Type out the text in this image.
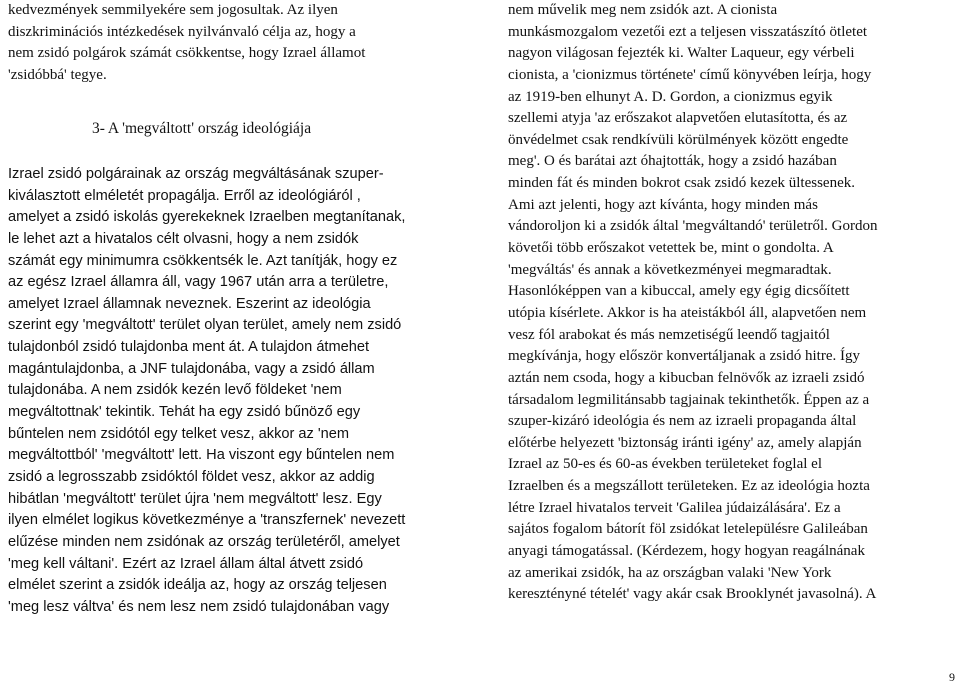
kedvezmények semmilyekére sem jogosultak. Az ilyen
diszkriminációs intézkedések nyilvánvaló célja az, hogy a
nem zsidó polgárok számát csökkentse, hogy Izrael államot
'zsidóbbá' tegye.
3- A 'megváltott' ország ideológiája
Izrael zsidó polgárainak az ország megváltásának szuper-
kiválasztott elméletét propagálja. Erről az ideológiáról ,
amelyet a zsidó iskolás gyerekeknek Izraelben megtanítanak,
le lehet azt a hivatalos célt olvasni, hogy a nem zsidók
számát egy minimumra csökkentsék le. Azt tanítják, hogy ez
az egész Izrael államra áll, vagy 1967 után arra a területre,
amelyet Izrael államnak neveznek. Eszerint az ideológia
szerint egy 'megváltott' terület olyan terület, amely nem zsidó
tulajdonból zsidó tulajdonba ment át. A tulajdon átmehet
magántulajdonba, a JNF tulajdonába, vagy a zsidó állam
tulajdonába. A nem zsidók kezén levő földeket 'nem
megváltottnak' tekintik. Tehát ha egy zsidó bűnöző egy
bűntelen nem zsidótól egy telket vesz, akkor az 'nem
megváltottból' 'megváltott' lett. Ha viszont egy bűntelen nem
zsidó a legrosszabb zsidóktól földet vesz, akkor az addig
hibátlan 'megváltott' terület újra 'nem megváltott' lesz. Egy
ilyen elmélet logikus következménye a 'transzfernek' nevezett
elűzése minden nem zsidónak az ország területéről, amelyet
'meg kell váltani'. Ezért az Izrael állam által átvett zsidó
elmélet szerint a zsidók ideálja az, hogy az ország teljesen
'meg lesz váltva' és nem lesz nem zsidó tulajdonában vagy
nem művelik meg nem zsidók azt. A cionista
munkásmozgalom vezetői ezt a teljesen visszatászító ötletet
nagyon világosan fejezték ki. Walter Laqueur, egy vérbeli
cionista, a 'cionizmus története' című könyvében leírja, hogy
az 1919-ben elhunyt A. D. Gordon, a cionizmus egyik
szellemi atyja 'az erőszakot alapvetően elutasította, és az
önvédelmet csak rendkívüli körülmények között engedte
meg'. O és barátai azt óhajtották, hogy a zsidó hazában
minden fát és minden bokrot csak zsidó kezek ültessenek.
Ami azt jelenti, hogy azt kívánta, hogy minden más
vándoroljon ki a zsidók által 'megváltandó' területről. Gordon
követői több erőszakot vetettek be, mint o gondolta. A
'megváltás' és annak a következményei megmaradtak.
Hasonlóképpen van a kibuccal, amely egy égig dicsőített
utópia kísérlete. Akkor is ha ateistákból áll, alapvetően nem
vesz fól arabokat és más nemzetiségű leendő tagjaitól
megkívánja, hogy először konvertáljanak a zsidó hitre. Így
aztán nem csoda, hogy a kibucban felnövők az izraeli zsidó
társadalom legmilitánsabb tagjainak tekinthetők. Éppen az a
szuper-kizáró ideológia és nem az izraeli propaganda által
előtérbe helyezett 'biztonság iránti igény' az, amely alapján
Izrael az 50-es és 60-as években területeket foglal el
Izraelben és a megszállott területeken. Ez az ideológia hozta
létre Izrael hivatalos terveit 'Galilea júdaizálására'. Ez a
sajátos fogalom bátorít föl zsidókat letelepülésre Galileában
anyagi támogatással. (Kérdezem, hogy hogyan reagálnának
az amerikai zsidók, ha az országban valaki 'New York
keresztényné tételét' vagy akár csak Brooklynét javasolná). A
9
